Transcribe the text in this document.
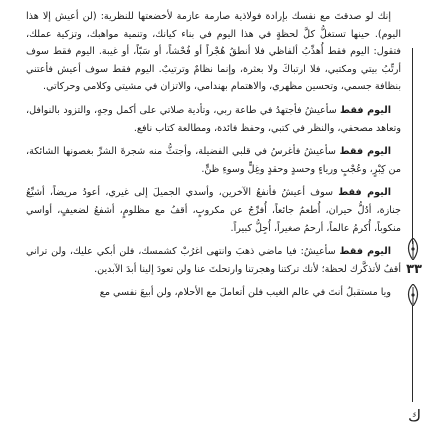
إنك لو صدقتَ مع نفسك بإرادة فولاذية صارمة عازمة لأخضعتها للنظرية: (لن أعيش إلا هذا اليوم). حينها تستغلُّ كلَّ لحظةٍ في هذا اليوم في بناء كيانك، وتنمية مواهبك، وتزكية عملك، فتقول: اليوم فقط أُهذِّبُ ألفاظي فلا أنطقُ هُجْراً أو فُحْشاً، أو سَبّاً، أو غيبة. اليوم فقط سوف أرتِّبُ بيتي ومكتبي، فلا ارتباكَ ولا بعثرة، وإنما نظامٌ وترتيبٌ. اليوم فقط سوف أعيش فأعتني بنظافة جسمي، وتحسين مظهري، والاهتمام بهندامي، والاتزان في مشيتي وكلامي وحركاتي.

اليوم فقط سأعيشُ فأجتهدُ في طاعة ربي، وتأدية صلاتي على أكمل وجهٍ، والتزود بالنوافل، وتعاهد مصحفي، والنظر في كتبي، وحفظ فائدة، ومطالعة كتاب نافع.

اليوم فقط سأعيشُ فأغرسُ في قلبي الفضيلة، وأجتثُّ منه شجرةَ الشرِّ بغصونها الشائكة، من كِبْرٍ، وعُجْبٍ ورياءٍ وحسدٍ وحقدٍ وغِلٍّ وسوءِ ظنٍّ.

اليوم فقط سوف أعيشُ فأنفعُ الآخرين، وأسدي الجميلَ إلى غيري، أعودُ مريضاً، أشيِّعُ جنازة، أدُلُّ حيران، أُطعمُ جائعاً، أُفرِّجُ عن مكروبٍ، أقفُ مع مظلومٍ، أشفعُ لضعيفٍ، أواسي منكوباً، أُكرمُ عالماً، أرحمُ صغيراً، أُجِلُّ كبيراً.

اليوم فقط سأعيشُ: فيا ماضي ذهبَ وانتهى اغرُبْ كشمسك، فلن أبكي عليك، ولن تراني أقفُ لأتذكَّرك لحظة؛ لأنك تركتنا وهجرتنا وارتحلتَ عنا ولن تعودَ إلينا أبدَ الآبدين.

ويا مستقبلُ أنتَ في عالم الغيب فلن أتعاملَ مع الأحلام، ولن أبيعَ نفسي مع

٣٣
ك
